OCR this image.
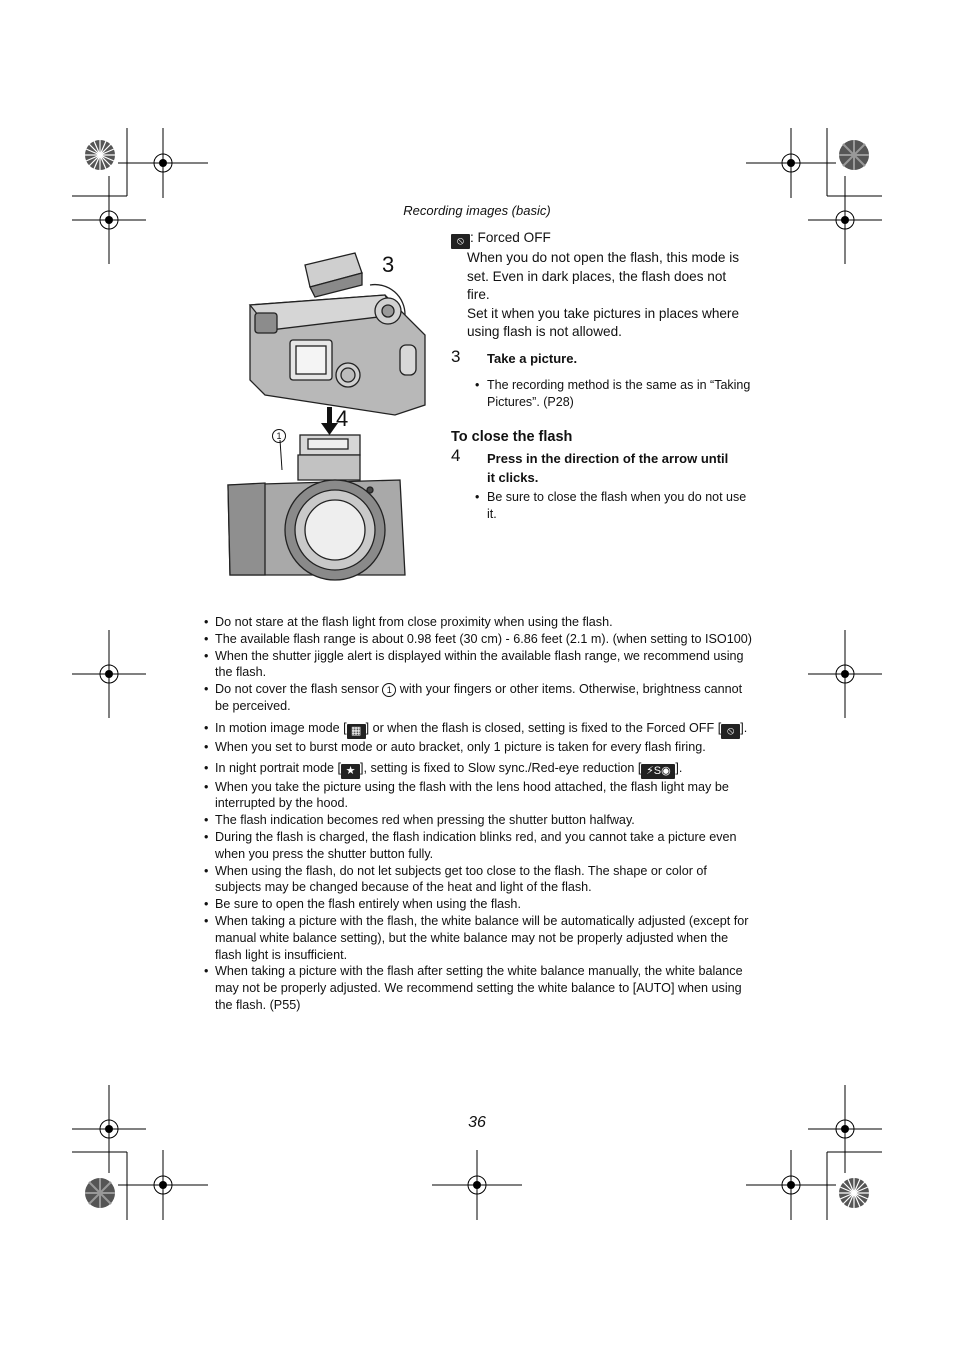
Recording images (basic)
3
4
1
⦸ : Forced OFF
When you do not open the flash, this mode is set. Even in dark places, the flash does not fire.
Set it when you take pictures in places where using flash is not allowed.
3	Take a picture.
• The recording method is the same as in “Taking Pictures”. (P28)
To close the flash
4	Press in the direction of the arrow until it clicks.
• Be sure to close the flash when you do not use it.
• Do not stare at the flash light from close proximity when using the flash.
• The available flash range is about 0.98 feet (30 cm) - 6.86 feet (2.1 m). (when setting to ISO100)
• When the shutter jiggle alert is displayed within the available flash range, we recommend using the flash.
• Do not cover the flash sensor 1 with your fingers or other items. Otherwise, brightness cannot be perceived.
• In motion image mode [ ▦ ] or when the flash is closed, setting is fixed to the Forced OFF [ ⦸ ].
• When you set to burst mode or auto bracket, only 1 picture is taken for every flash firing.
• In night portrait mode [ ★ ], setting is fixed to Slow sync./Red-eye reduction [ ⚡S◉ ].
• When you take the picture using the flash with the lens hood attached, the flash light may be interrupted by the hood.
• The flash indication becomes red when pressing the shutter button halfway.
• During the flash is charged, the flash indication blinks red, and you cannot take a picture even when you press the shutter button fully.
• When using the flash, do not let subjects get too close to the flash. The shape or color of subjects may be changed because of the heat and light of the flash.
• Be sure to open the flash entirely when using the flash.
• When taking a picture with the flash, the white balance will be automatically adjusted (except for manual white balance setting), but the white balance may not be properly adjusted when the flash light is insufficient.
• When taking a picture with the flash after setting the white balance manually, the white balance may not be properly adjusted. We recommend setting the white balance to [AUTO] when using the flash. (P55)
36
